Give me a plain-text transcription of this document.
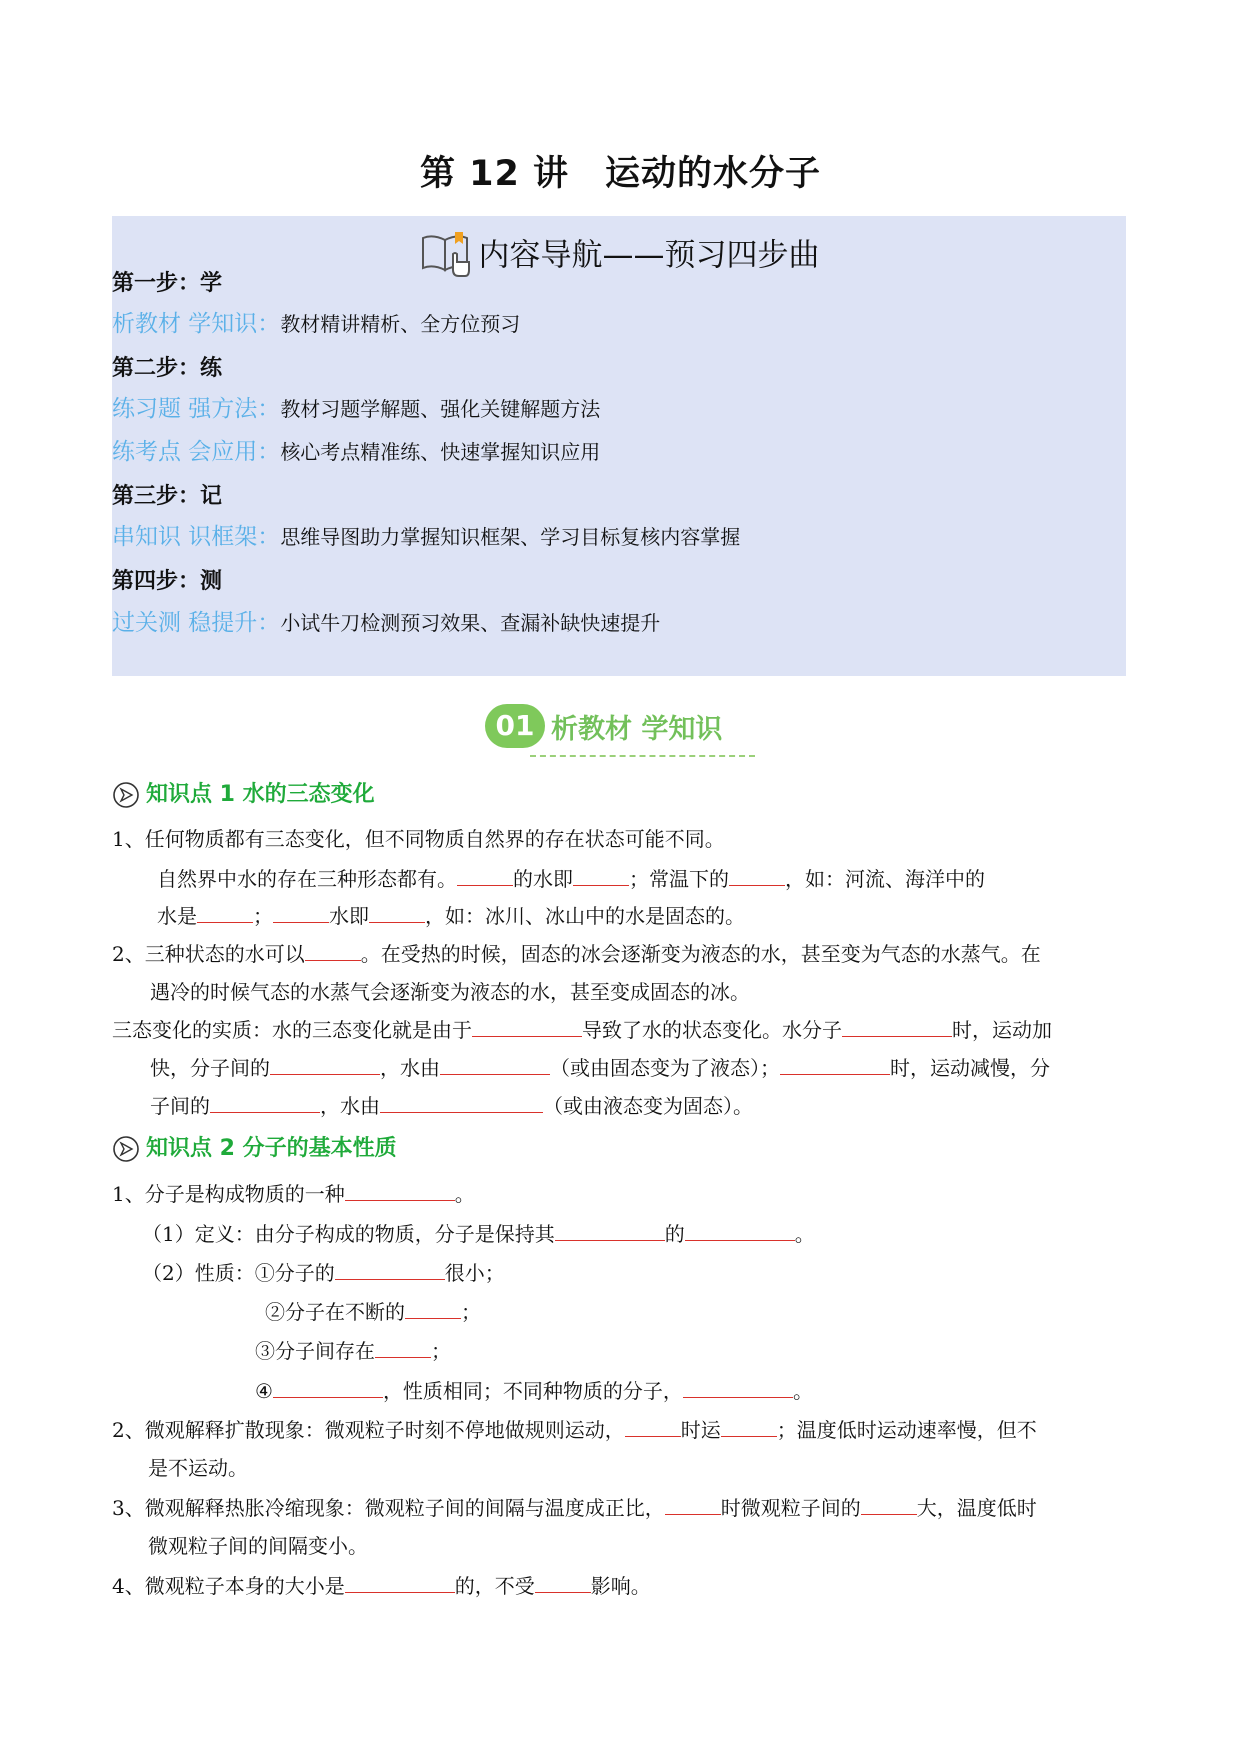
第 12 讲　运动的水分子
内容导航——预习四步曲
第一步：学
析教材 学知识：教材精讲精析、全方位预习
第二步：练
练习题 强方法：教材习题学解题、强化关键解题方法
练考点 会应用：核心考点精准练、快速掌握知识应用
第三步：记
串知识 识框架：思维导图助力掌握知识框架、学习目标复核内容掌握
第四步：测
过关测 稳提升：小试牛刀检测预习效果、查漏补缺快速提升
01 析教材 学知识
知识点 1 水的三态变化
1、任何物质都有三态变化，但不同物质自然界的存在状态可能不同。
自然界中水的存在三种形态都有。	的水即	；常温下的	，如：河流、海洋中的
水是	；	水即	，如：冰川、冰山中的水是固态的。
2、三种状态的水可以	。在受热的时候，固态的冰会逐渐变为液态的水，甚至变为气态的水蒸气。在
遇冷的时候气态的水蒸气会逐渐变为液态的水，甚至变成固态的冰。
三态变化的实质：水的三态变化就是由于	导致了水的状态变化。水分子	时，运动加
快，分子间的	，水由	（或由固态变为了液态）；	时，运动减慢，分
子间的	，水由	（或由液态变为固态）。
知识点 2 分子的基本性质
1、分子是构成物质的一种	。
（1）定义：由分子构成的物质，分子是保持其	的	。
（2）性质：①分子的	很小；
②分子在不断的	；
③分子间存在	；
④	，性质相同；不同种物质的分子，	。
2、微观解释扩散现象：微观粒子时刻不停地做规则运动，	时运	；温度低时运动速率慢，但不
是不运动。
3、微观解释热胀冷缩现象：微观粒子间的间隔与温度成正比，	时微观粒子间的	大，温度低时
微观粒子间的间隔变小。
4、微观粒子本身的大小是	的，不受	影响。
